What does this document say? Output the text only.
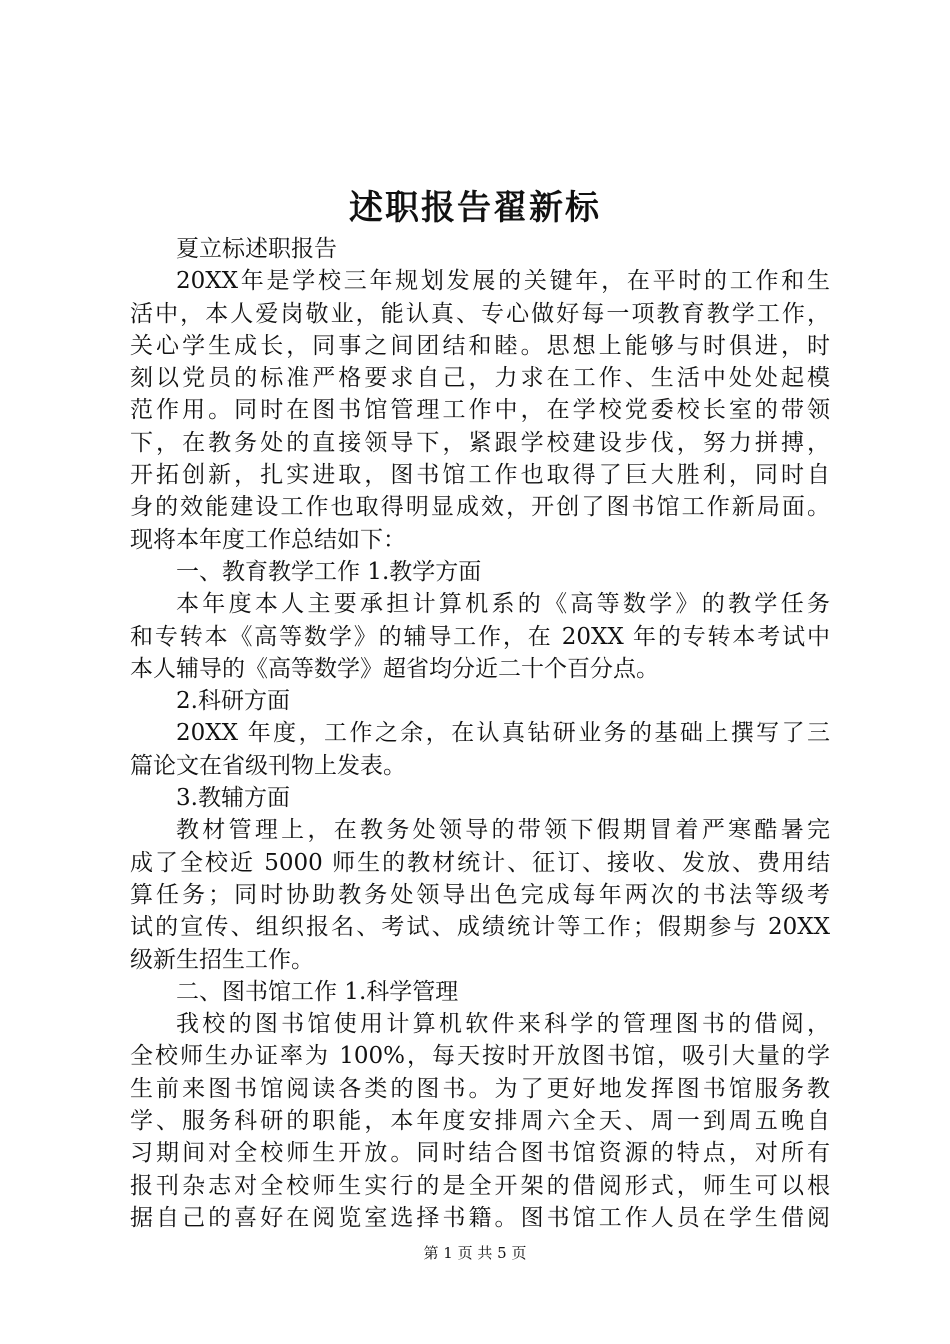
述职报告翟新标
夏立标述职报告
20XX年是学校三年规划发展的关键年，在平时的工作和生
活中，本人爱岗敬业，能认真、专心做好每一项教育教学工作，
关心学生成长，同事之间团结和睦。思想上能够与时俱进，时
刻以党员的标准严格要求自己，力求在工作、生活中处处起模
范作用。同时在图书馆管理工作中，在学校党委校长室的带领
下，在教务处的直接领导下，紧跟学校建设步伐，努力拼搏，
开拓创新，扎实进取，图书馆工作也取得了巨大胜利，同时自
身的效能建设工作也取得明显成效，开创了图书馆工作新局面。
现将本年度工作总结如下：
一、教育教学工作 1.教学方面
本年度本人主要承担计算机系的《高等数学》的教学任务
和专转本《高等数学》的辅导工作，在 20XX 年的专转本考试中
本人辅导的《高等数学》超省均分近二十个百分点。
2.科研方面
20XX 年度，工作之余，在认真钻研业务的基础上撰写了三
篇论文在省级刊物上发表。
3.教辅方面
教材管理上，在教务处领导的带领下假期冒着严寒酷暑完
成了全校近 5000 师生的教材统计、征订、接收、发放、费用结
算任务；同时协助教务处领导出色完成每年两次的书法等级考
试的宣传、组织报名、考试、成绩统计等工作；假期参与 20XX
级新生招生工作。
二、图书馆工作 1.科学管理
我校的图书馆使用计算机软件来科学的管理图书的借阅，
全校师生办证率为 100%，每天按时开放图书馆，吸引大量的学
生前来图书馆阅读各类的图书。为了更好地发挥图书馆服务教
学、服务科研的职能，本年度安排周六全天、周一到周五晚自
习期间对全校师生开放。同时结合图书馆资源的特点，对所有
报刊杂志对全校师生实行的是全开架的借阅形式，师生可以根
据自己的喜好在阅览室选择书籍。图书馆工作人员在学生借阅
第 1 页 共 5 页
